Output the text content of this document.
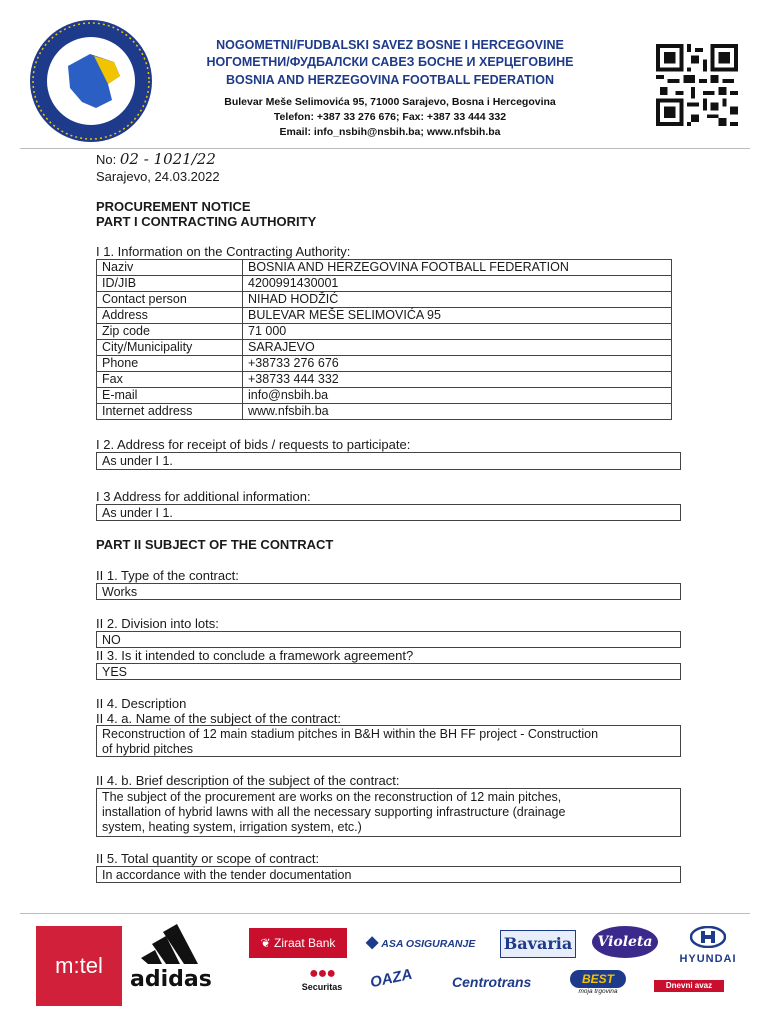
NOGOMETNI/FUDBALSKI SAVEZ BOSNE I HERCEGOVINE
НОГОМЕТНИ/ФУДБАЛСКИ САВЕЗ БОСНЕ И ХЕРЦЕГОВИНЕ
BOSNIA AND HERZEGOVINA FOOTBALL FEDERATION
Bulevar Meše Selimovića 95, 71000 Sarajevo, Bosna i Hercegovina
Telefon: +387 33 276 676; Fax: +387 33 444 332
Email: info_nsbih@nsbih.ba; www.nfsbih.ba
No: 02 - 1021/22
Sarajevo, 24.03.2022
PROCUREMENT NOTICE
PART I CONTRACTING AUTHORITY
I 1. Information on the Contracting Authority:
Naziv	BOSNIA AND HERZEGOVINA FOOTBALL FEDERATION
ID/JIB	4200991430001
Contact person	NIHAD HODŽIĆ
Address	BULEVAR MEŠE SELIMOVIĆA 95
Zip code	71 000
City/Municipality	SARAJEVO
Phone	+38733 276 676
Fax	+38733 444 332
E-mail	info@nsbih.ba
Internet address	www.nfsbih.ba
I 2. Address for receipt of bids / requests to participate:
As under I 1.
I 3 Address for additional information:
As under I 1.
PART II SUBJECT OF THE CONTRACT
II 1. Type of the contract:
Works
II 2. Division into lots:
NO
II 3. Is it intended to conclude a framework agreement?
YES
II 4. Description
II 4. a. Name of the subject of the contract:
Reconstruction of 12 main stadium pitches in B&H within the BH FF project - Construction
of hybrid pitches
II 4. b. Brief description of the subject of the contract:
The subject of the procurement are works on the reconstruction of 12 main pitches,
installation of hybrid lawns with all the necessary supporting infrastructure (drainage
system, heating system, irrigation system, etc.)
II 5. Total quantity or scope of contract:
In accordance with the tender documentation
m:tel
adidas
❦ Ziraat Bank	◆ ASA OSIGURANJE Bavaria	Violeta
HYUNDAI
●●●
Securitas	OAZA	Centrotrans	BEST
moja trgovina
Dnevni avaz
